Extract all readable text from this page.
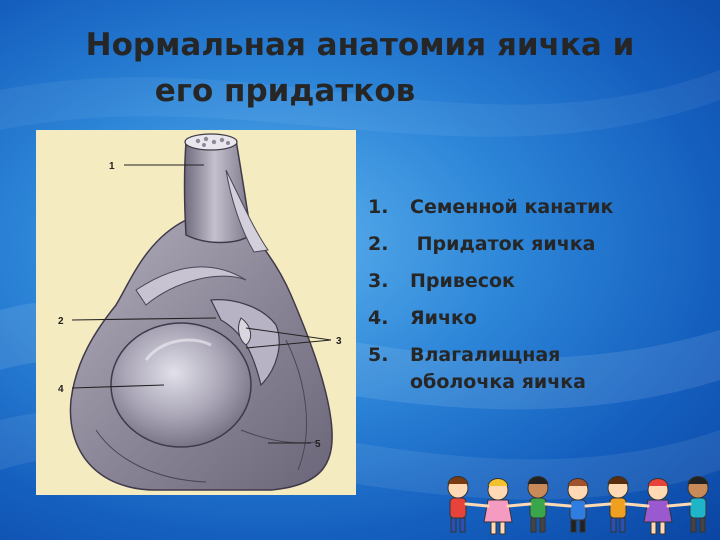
Нормальная анатомия яичка и
его придатков
1
2
3
4
5
1.	Семенной канатик
2.	Придаток яичка
3.	Привесок
4.	Яичко
5.	Влагалищная оболочка яичка
